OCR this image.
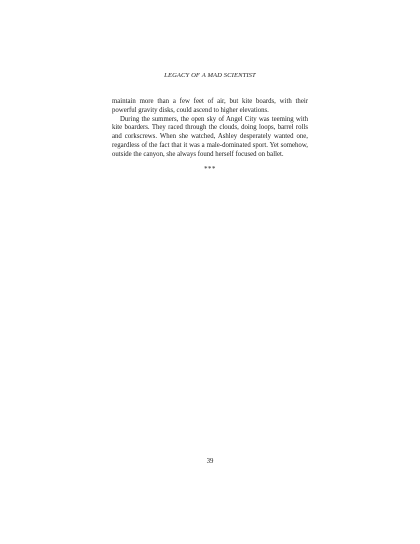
LEGACY OF A MAD SCIENTIST

maintain more than a few feet of air, but kite boards, with their powerful gravity disks, could ascend to higher elevations.

During the summers, the open sky of Angel City was teeming with kite boarders. They raced through the clouds, doing loops, barrel rolls and corkscrews. When she watched, Ashley desperately wanted one, regardless of the fact that it was a male-dominated sport. Yet somehow, outside the canyon, she always found herself focused on ballet.

***
39
